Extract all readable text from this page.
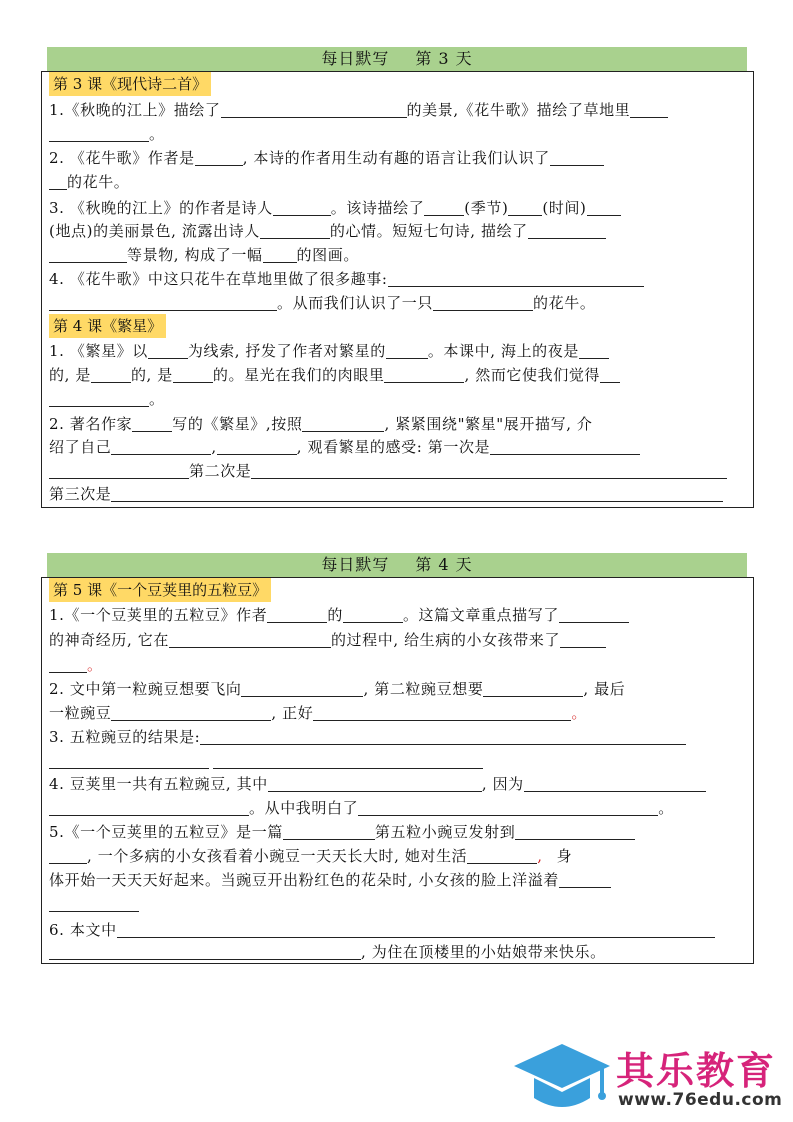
每日默写 第 3 天
第 3 课《现代诗二首》
1.《秋晚的江上》描绘了	的美景,《花牛歌》描绘了草地里
。
2. 《花牛歌》作者是	, 本诗的作者用生动有趣的语言让我们认识了
的花牛。
3. 《秋晚的江上》的作者是诗人	。该诗描绘了	(季节) (时间)
(地点)的美丽景色, 流露出诗人	的心情。短短七句诗, 描绘了
等景物, 构成了一幅 的图画。
4. 《花牛歌》中这只花牛在草地里做了很多趣事:
。从而我们认识了一只	的花牛。
第 4 课《繁星》
1. 《繁星》以	为线索, 抒发了作者对繁星的	。本课中, 海上的夜是
的, 是	的, 是	的。星光在我们的肉眼里	, 然而它使我们觉得
。
2. 著名作家	写的《繁星》,按照	, 紧紧围绕"繁星"展开描写, 介
绍了自己	,	, 观看繁星的感受: 第一次是
第二次是
第三次是
每日默写 第 4 天
第 5 课《一个豆荚里的五粒豆》
1.《一个豆荚里的五粒豆》作者	的	。这篇文章重点描写了
的神奇经历, 它在	的过程中, 给生病的小女孩带来了
。
2. 文中第一粒豌豆想要飞向	, 第二粒豌豆想要	, 最后
一粒豌豆	, 正好	。
3. 五粒豌豆的结果是:
4. 豆荚里一共有五粒豌豆, 其中	, 因为
。从中我明白了	。
5.《一个豆荚里的五粒豆》是一篇	第五粒小豌豆发射到
, 一个多病的小女孩看着小豌豆一天天长大时, 她对生活	, 身
体开始一天天天好起来。当豌豆开出粉红色的花朵时, 小女孩的脸上洋溢着
6. 本文中
, 为住在顶楼里的小姑娘带来快乐。
其乐教育
www.76edu.com
